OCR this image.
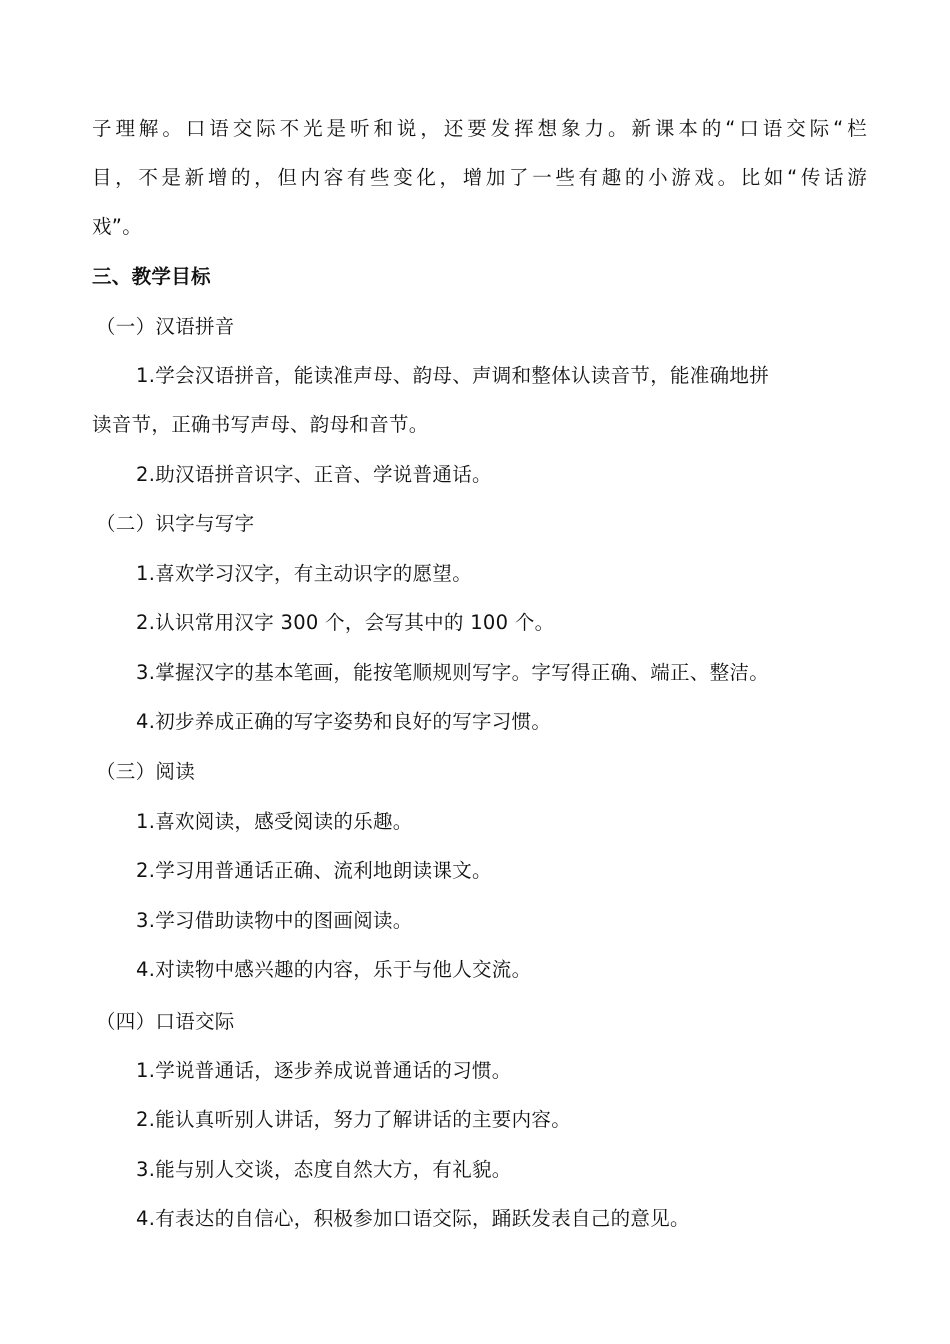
子理解。口语交际不光是听和说，还要发挥想象力。新课本的“口语交际“栏
目，不是新增的，但内容有些变化，增加了一些有趣的小游戏。比如“传话游
戏”。
三、教学目标
（一）汉语拼音
1.学会汉语拼音，能读准声母、韵母、声调和整体认读音节，能准确地拼
读音节，正确书写声母、韵母和音节。
2.助汉语拼音识字、正音、学说普通话。
（二）识字与写字
1.喜欢学习汉字，有主动识字的愿望。
2.认识常用汉字 300 个，会写其中的 100 个。
3.掌握汉字的基本笔画，能按笔顺规则写字。字写得正确、端正、整洁。
4.初步养成正确的写字姿势和良好的写字习惯。
（三）阅读
1.喜欢阅读，感受阅读的乐趣。
2.学习用普通话正确、流利地朗读课文。
3.学习借助读物中的图画阅读。
4.对读物中感兴趣的内容，乐于与他人交流。
（四）口语交际
1.学说普通话，逐步养成说普通话的习惯。
2.能认真听别人讲话，努力了解讲话的主要内容。
3.能与别人交谈，态度自然大方，有礼貌。
4.有表达的自信心，积极参加口语交际，踊跃发表自己的意见。
